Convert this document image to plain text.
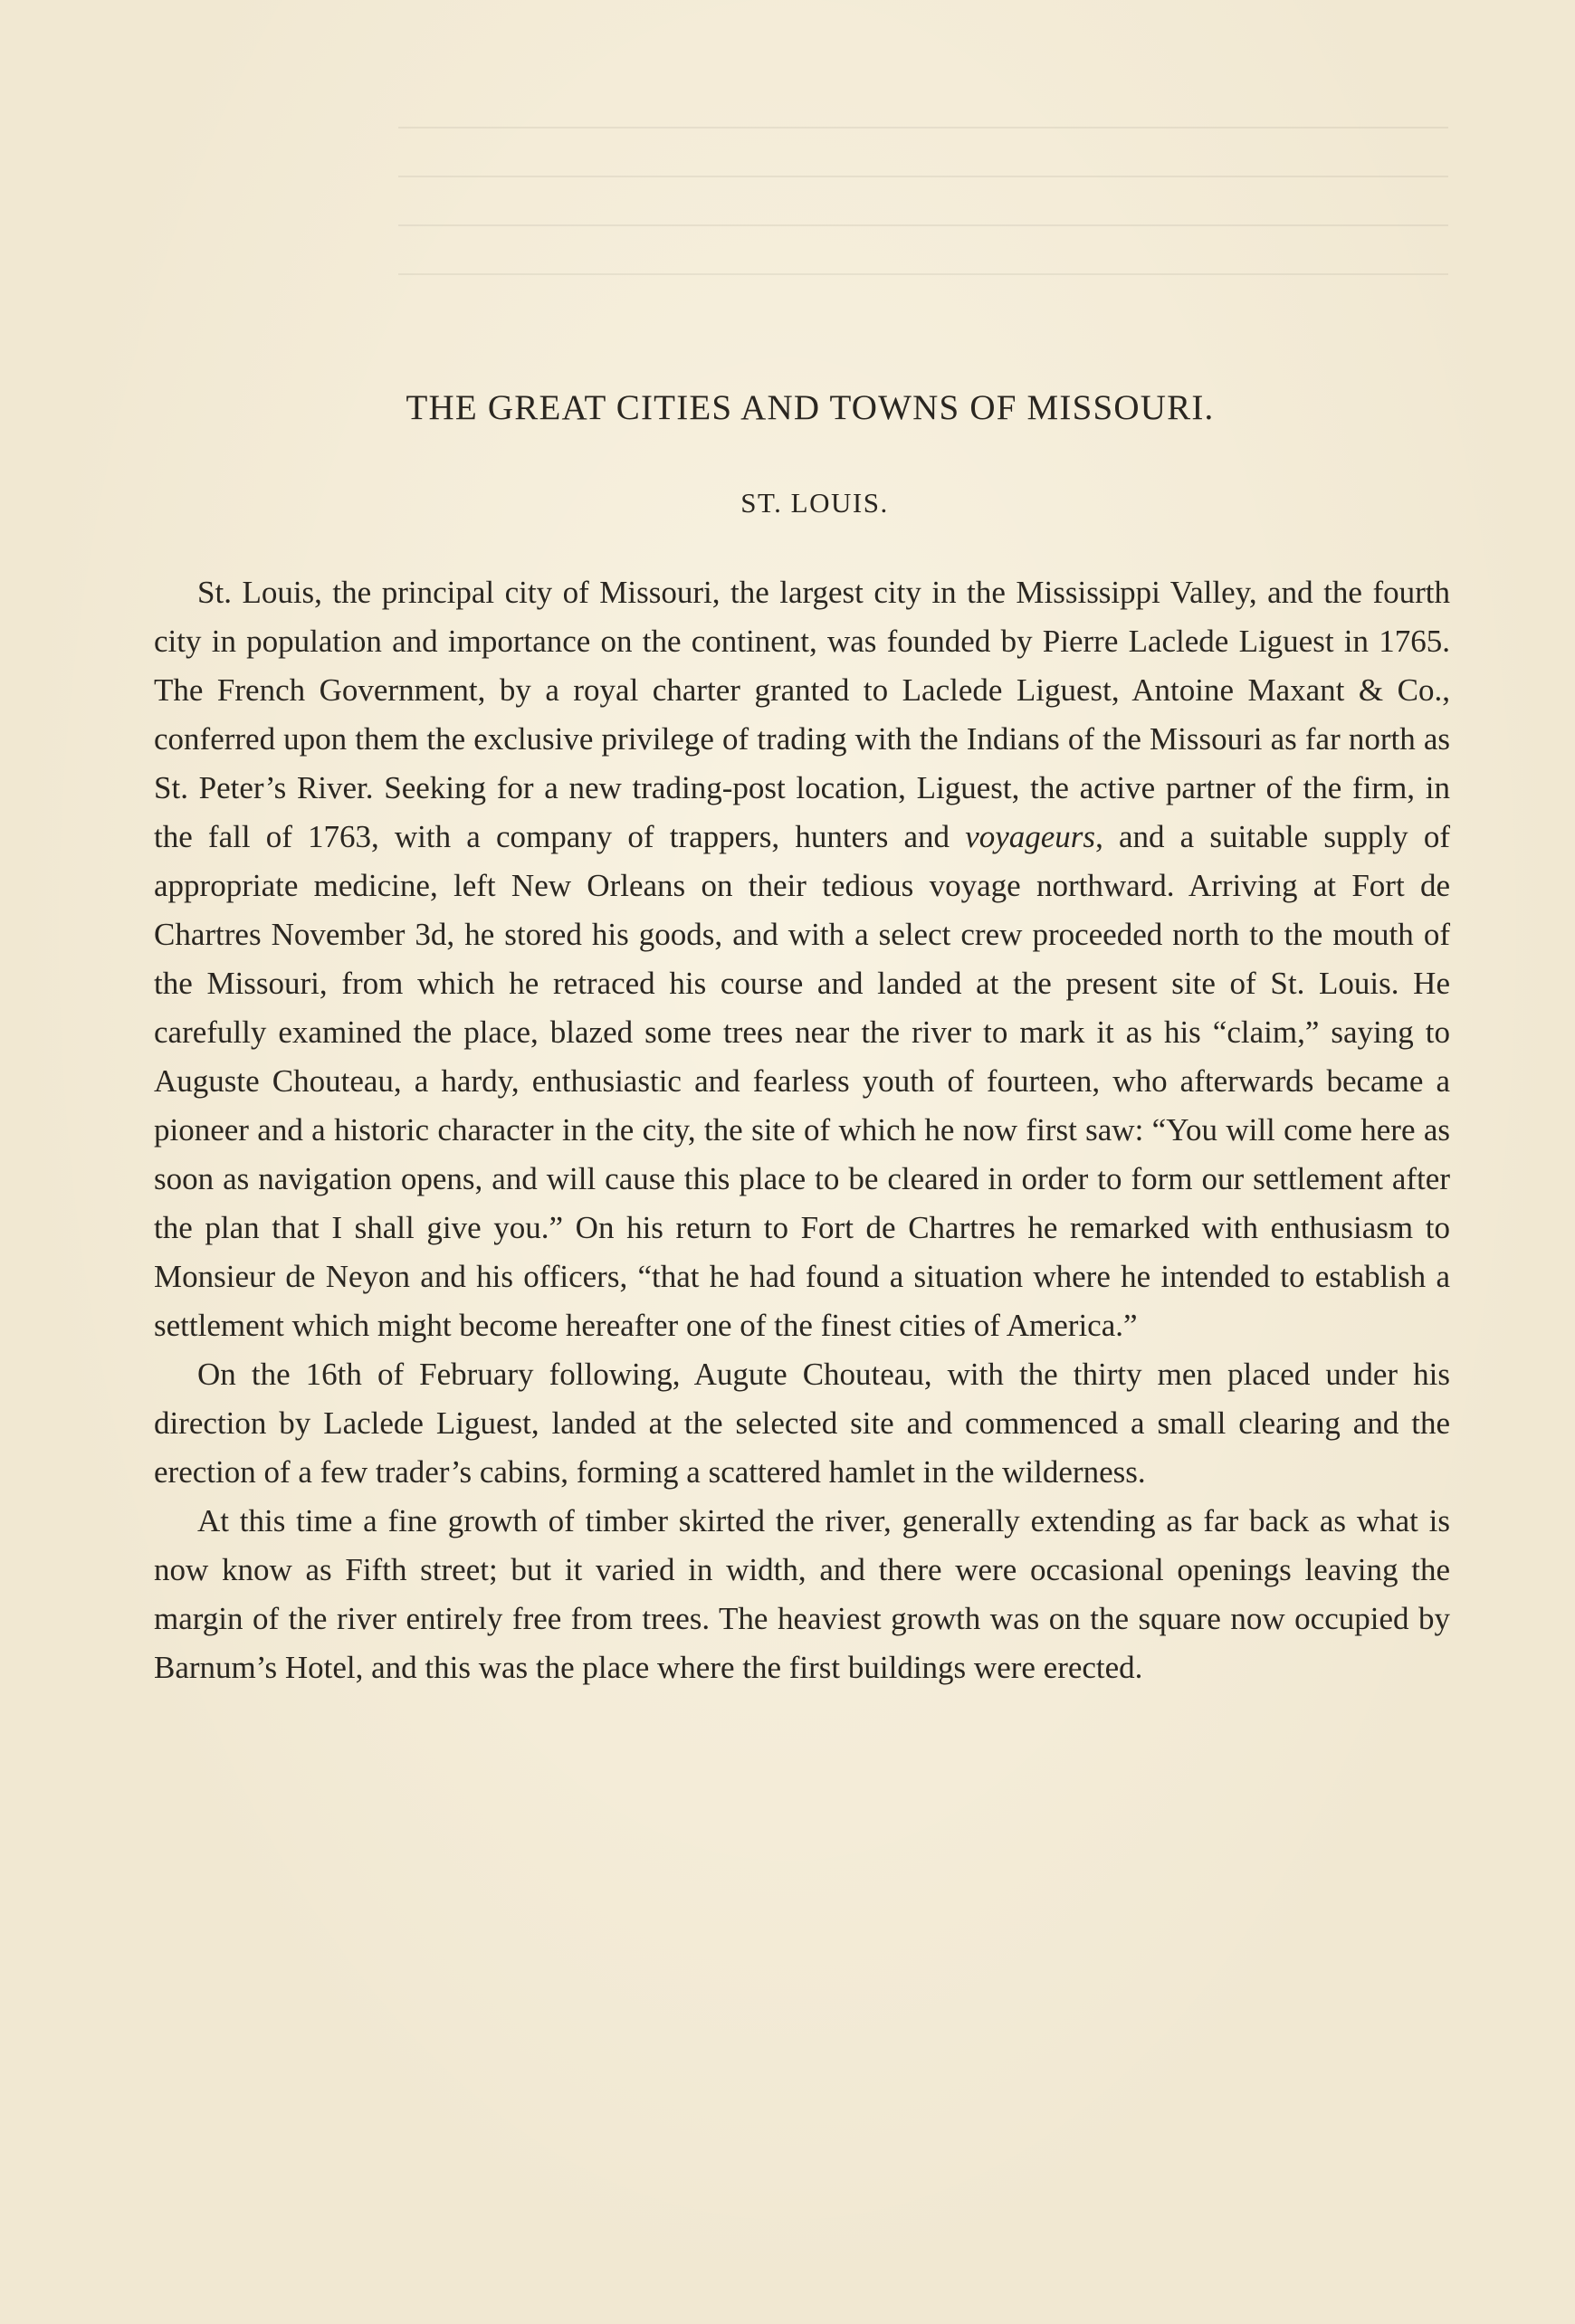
THE GREAT CITIES AND TOWNS OF MISSOURI.
ST. LOUIS.

St. Louis, the principal city of Missouri, the largest city in the Mississippi Valley, and the fourth city in population and importance on the continent, was founded by Pierre Laclede Liguest in 1765. The French Government, by a royal charter granted to Laclede Liguest, Antoine Maxant & Co., conferred upon them the exclusive privilege of trading with the Indians of the Missouri as far north as St. Peter’s River. Seeking for a new trading-post location, Liguest, the active partner of the firm, in the fall of 1763, with a company of trappers, hunters and voyageurs, and a suitable supply of appropriate medicine, left New Orleans on their tedious voyage northward. Arriving at Fort de Chartres November 3d, he stored his goods, and with a select crew proceeded north to the mouth of the Missouri, from which he retraced his course and landed at the present site of St. Louis. He carefully examined the place, blazed some trees near the river to mark it as his “claim,” saying to Auguste Chouteau, a hardy, enthusiastic and fearless youth of fourteen, who afterwards became a pioneer and a historic character in the city, the site of which he now first saw: “You will come here as soon as navigation opens, and will cause this place to be cleared in order to form our settlement after the plan that I shall give you.” On his return to Fort de Chartres he remarked with enthusiasm to Monsieur de Neyon and his officers, “that he had found a situation where he intended to establish a settlement which might become hereafter one of the finest cities of America.”

On the 16th of February following, Augute Chouteau, with the thirty men placed under his direction by Laclede Liguest, landed at the selected site and commenced a small clearing and the erection of a few trader’s cabins, forming a scattered hamlet in the wilderness.

At this time a fine growth of timber skirted the river, generally extending as far back as what is now know as Fifth street; but it varied in width, and there were occasional openings leaving the margin of the river entirely free from trees. The heaviest growth was on the square now occupied by Barnum’s Hotel, and this was the place where the first buildings were erected.
